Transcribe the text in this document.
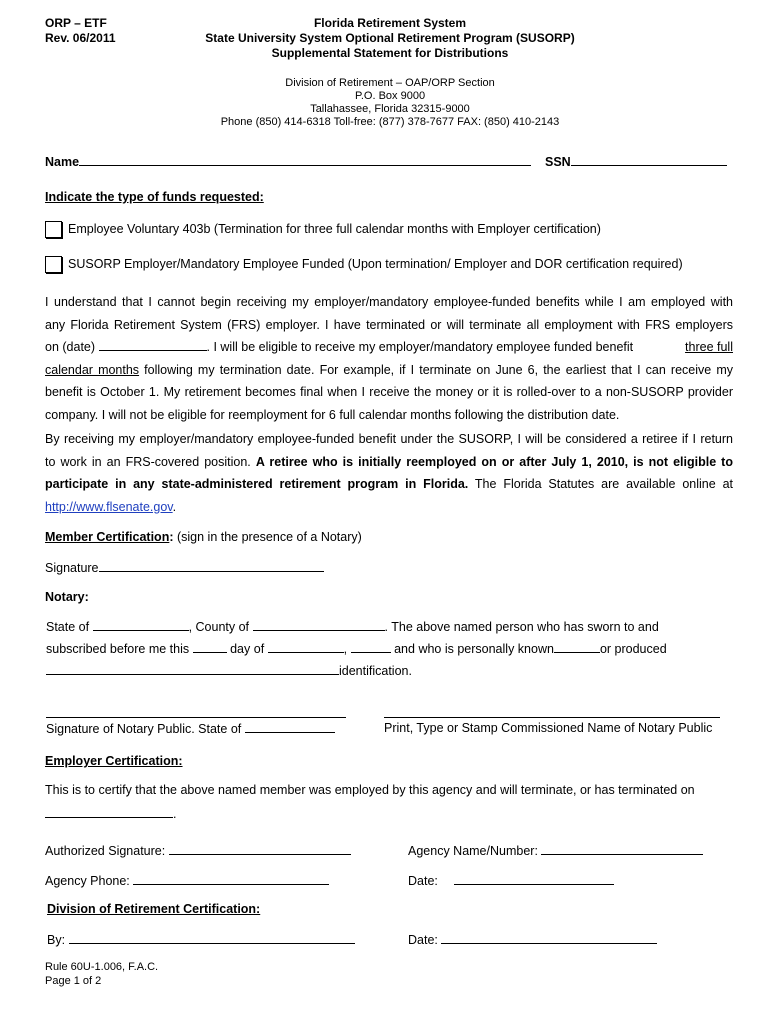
ORP – ETF
Rev. 06/2011
Florida Retirement System
State University System Optional Retirement Program (SUSORP)
Supplemental Statement for Distributions
Division of Retirement – OAP/ORP Section
P.O. Box 9000
Tallahassee, Florida 32315-9000
Phone (850) 414-6318 Toll-free: (877) 378-7677 FAX: (850) 410-2143
Name	SSN
Indicate the type of funds requested:
Employee Voluntary 403b (Termination for three full calendar months with Employer certification)
SUSORP Employer/Mandatory Employee Funded (Upon termination/ Employer and DOR certification required)
I understand that I cannot begin receiving my employer/mandatory employee-funded benefits while I am employed with
any Florida Retirement System (FRS) employer. I have terminated or will terminate all employment with FRS employers
on (date)	. I will be eligible to receive my employer/mandatory employee funded benefit	three full
calendar months following my termination date. For example, if I terminate on June 6, the earliest that I can receive my
benefit is October 1. My retirement becomes final when I receive the money or it is rolled-over to a non-SUSORP provider
company. I will not be eligible for reemployment for 6 full calendar months following the distribution date.
By receiving my employer/mandatory employee-funded benefit under the SUSORP, I will be considered a retiree if I return
to work in an FRS-covered position. A retiree who is initially reemployed on or after July 1, 2010, is not eligible to
participate in any state-administered retirement program in Florida. The Florida Statutes are available online at
http://www.flsenate.gov.
Member Certification: (sign in the presence of a Notary)
Signature
Notary:
State of	, County of	. The above named person who has sworn to and
subscribed before me this	day of	,	and who is personally known	or produced
identification.
Signature of Notary Public. State of	Print, Type or Stamp Commissioned Name of Notary Public
Employer Certification:
This is to certify that the above named member was employed by this agency and will terminate, or has terminated on
.
Authorized Signature:	Agency Name/Number:
Agency Phone:	Date:
Division of Retirement Certification:
By:	Date:
Rule 60U-1.006, F.A.C.
Page 1 of 2
